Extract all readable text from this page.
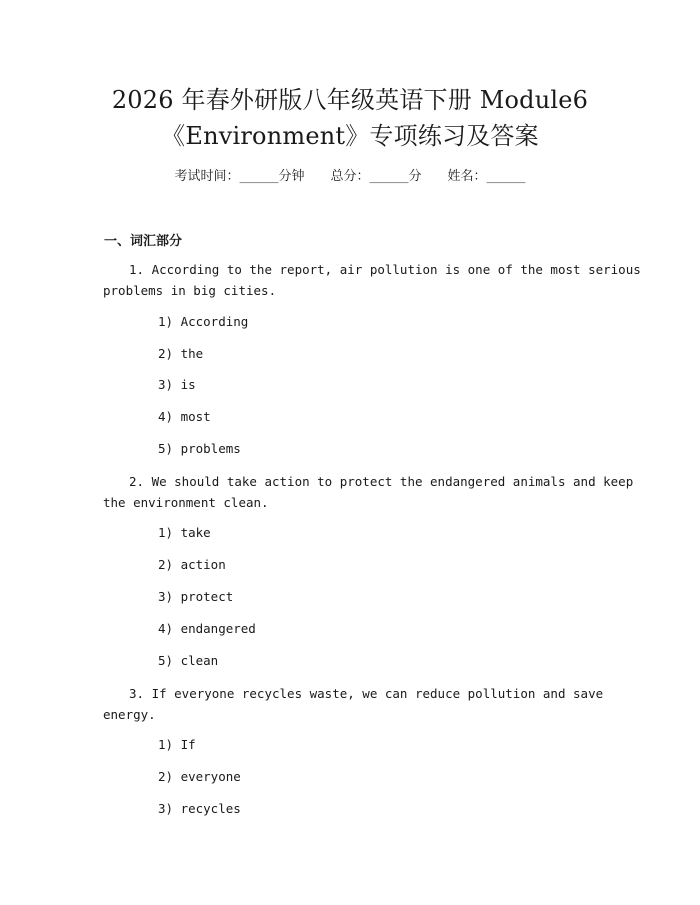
2026 年春外研版八年级英语下册 Module6
《Environment》专项练习及答案
考试时间：______分钟 总分：______分 姓名：______
一、词汇部分
1. According to the report, air pollution is one of the most serious
problems in big cities.
1) According
2) the
3) is
4) most
5) problems
2. We should take action to protect the endangered animals and keep
the environment clean.
1) take
2) action
3) protect
4) endangered
5) clean
3. If everyone recycles waste, we can reduce pollution and save
energy.
1) If
2) everyone
3) recycles
